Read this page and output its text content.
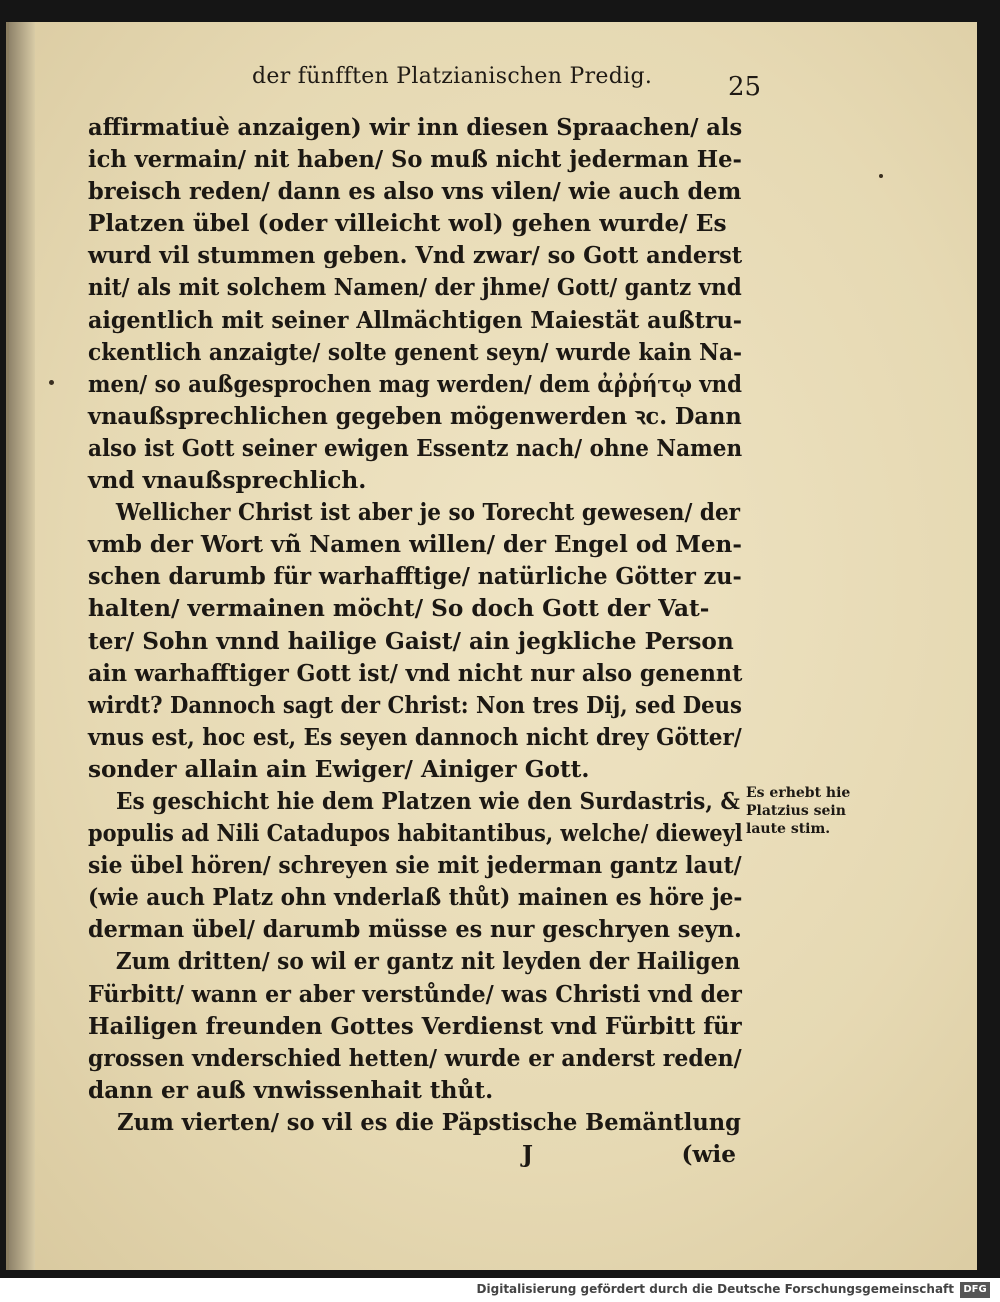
der fünfften Platzianischen Predig.	25
affirmatiuè anzaigen) wir inn diesen Spraachen/ als
ich vermain/ nit haben/ So muß nicht jederman He-
breisch reden/ dann es also vns vilen/ wie auch dem
Platzen übel (oder villeicht wol) gehen wurde/ Es
wurd vil stummen geben. Vnd zwar/ so Gott anderst
nit/ als mit solchem Namen/ der jhme/ Gott/ gantz vnd
aigentlich mit seiner Allmächtigen Maiestät außtru-
ckentlich anzaigte/ solte genent seyn/ wurde kain Na-
men/ so außgesprochen mag werden/ dem ἀῤῥήτῳ vnd
vnaußsprechlichen gegeben mögenwerden ꝛc. Dann
also ist Gott seiner ewigen Essentz nach/ ohne Namen
vnd vnaußsprechlich.
Wellicher Christ ist aber je so Torecht gewesen/ der
vmb der Wort vñ Namen willen/ der Engel od Men-
schen darumb für warhafftige/ natürliche Götter zu-
halten/ vermainen möcht/ So doch Gott der Vat-
ter/ Sohn vnnd hailige Gaist/ ain jegkliche Person
ain warhafftiger Gott ist/ vnd nicht nur also genennt
wirdt? Dannoch sagt der Christ: Non tres Dij, sed Deus
vnus est, hoc est, Es seyen dannoch nicht drey Götter/
sonder allain ain Ewiger/ Ainiger Gott.
Es geschicht hie dem Platzen wie den Surdastris, &
populis ad Nili Catadupos habitantibus, welche/ dieweyl
sie übel hören/ schreyen sie mit jederman gantz laut/
(wie auch Platz ohn vnderlaß thůt) mainen es höre je-
derman übel/ darumb müsse es nur geschryen seyn.
Zum dritten/ so wil er gantz nit leyden der Hailigen
Fürbitt/ wann er aber verstůnde/ was Christi vnd der
Hailigen freunden Gottes Verdienst vnd Fürbitt für
grossen vnderschied hetten/ wurde er anderst reden/
dann er auß vnwissenhait thůt.
Zum vierten/ so vil es die Päpstische Bemäntlung
J	(wie
Es erhebt hie
Platzius sein
laute stim.
Digitalisierung gefördert durch die Deutsche Forschungsgemeinschaft DFG
